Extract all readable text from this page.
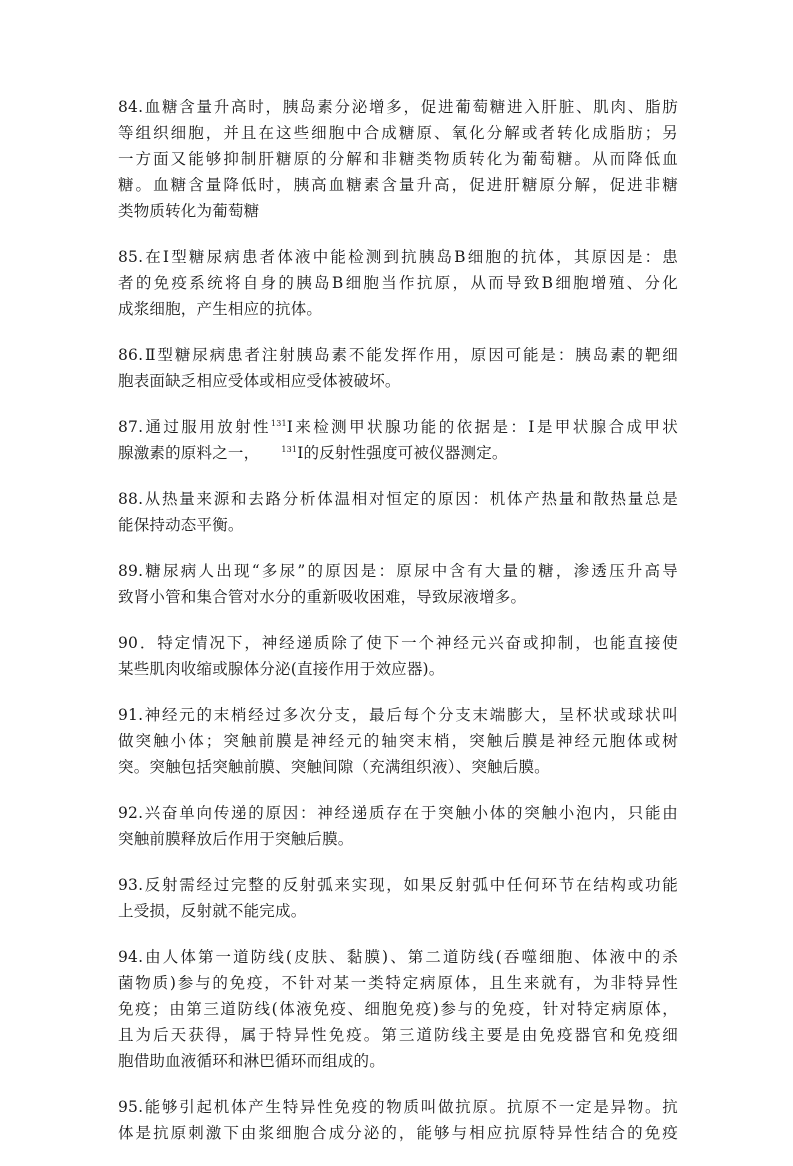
84.血糖含量升高时，胰岛素分泌增多，促进葡萄糖进入肝脏、肌肉、脂肪
等组织细胞，并且在这些细胞中合成糖原、氧化分解或者转化成脂肪；另
一方面又能够抑制肝糖原的分解和非糖类物质转化为葡萄糖。从而降低血
糖。血糖含量降低时，胰高血糖素含量升高，促进肝糖原分解，促进非糖
类物质转化为葡萄糖

85.在Ⅰ型糖尿病患者体液中能检测到抗胰岛B细胞的抗体，其原因是：患
者的免疫系统将自身的胰岛B细胞当作抗原，从而导致B细胞增殖、分化
成浆细胞，产生相应的抗体。

86.Ⅱ型糖尿病患者注射胰岛素不能发挥作用，原因可能是：胰岛素的靶细
胞表面缺乏相应受体或相应受体被破坏。

87.通过服用放射性$^{131}$I来检测甲状腺功能的依据是：I是甲状腺合成甲状
腺激素的原料之一，	$^{131}$I的反射性强度可被仪器测定。

88.从热量来源和去路分析体温相对恒定的原因：机体产热量和散热量总是
能保持动态平衡。

89.糖尿病人出现“多尿”的原因是：原尿中含有大量的糖，渗透压升高导
致肾小管和集合管对水分的重新吸收困难，导致尿液增多。

90．特定情况下，神经递质除了使下一个神经元兴奋或抑制，也能直接使
某些肌肉收缩或腺体分泌(直接作用于效应器)。

91.神经元的末梢经过多次分支，最后每个分支末端膨大，呈杯状或球状叫
做突触小体；突触前膜是神经元的轴突末梢，突触后膜是神经元胞体或树
突。突触包括突触前膜、突触间隙（充满组织液）、突触后膜。

92.兴奋单向传递的原因：神经递质存在于突触小体的突触小泡内，只能由
突触前膜释放后作用于突触后膜。

93.反射需经过完整的反射弧来实现，如果反射弧中任何环节在结构或功能
上受损，反射就不能完成。

94.由人体第一道防线(皮肤、黏膜)、第二道防线(吞噬细胞、体液中的杀
菌物质)参与的免疫，不针对某一类特定病原体，且生来就有，为非特异性
免疫；由第三道防线(体液免疫、细胞免疫)参与的免疫，针对特定病原体，
且为后天获得，属于特异性免疫。第三道防线主要是由免疫器官和免疫细
胞借助血液循环和淋巴循环而组成的。

95.能够引起机体产生特异性免疫的物质叫做抗原。抗原不一定是异物。抗
体是抗原刺激下由浆细胞合成分泌的，能够与相应抗原特异性结合的免疫
